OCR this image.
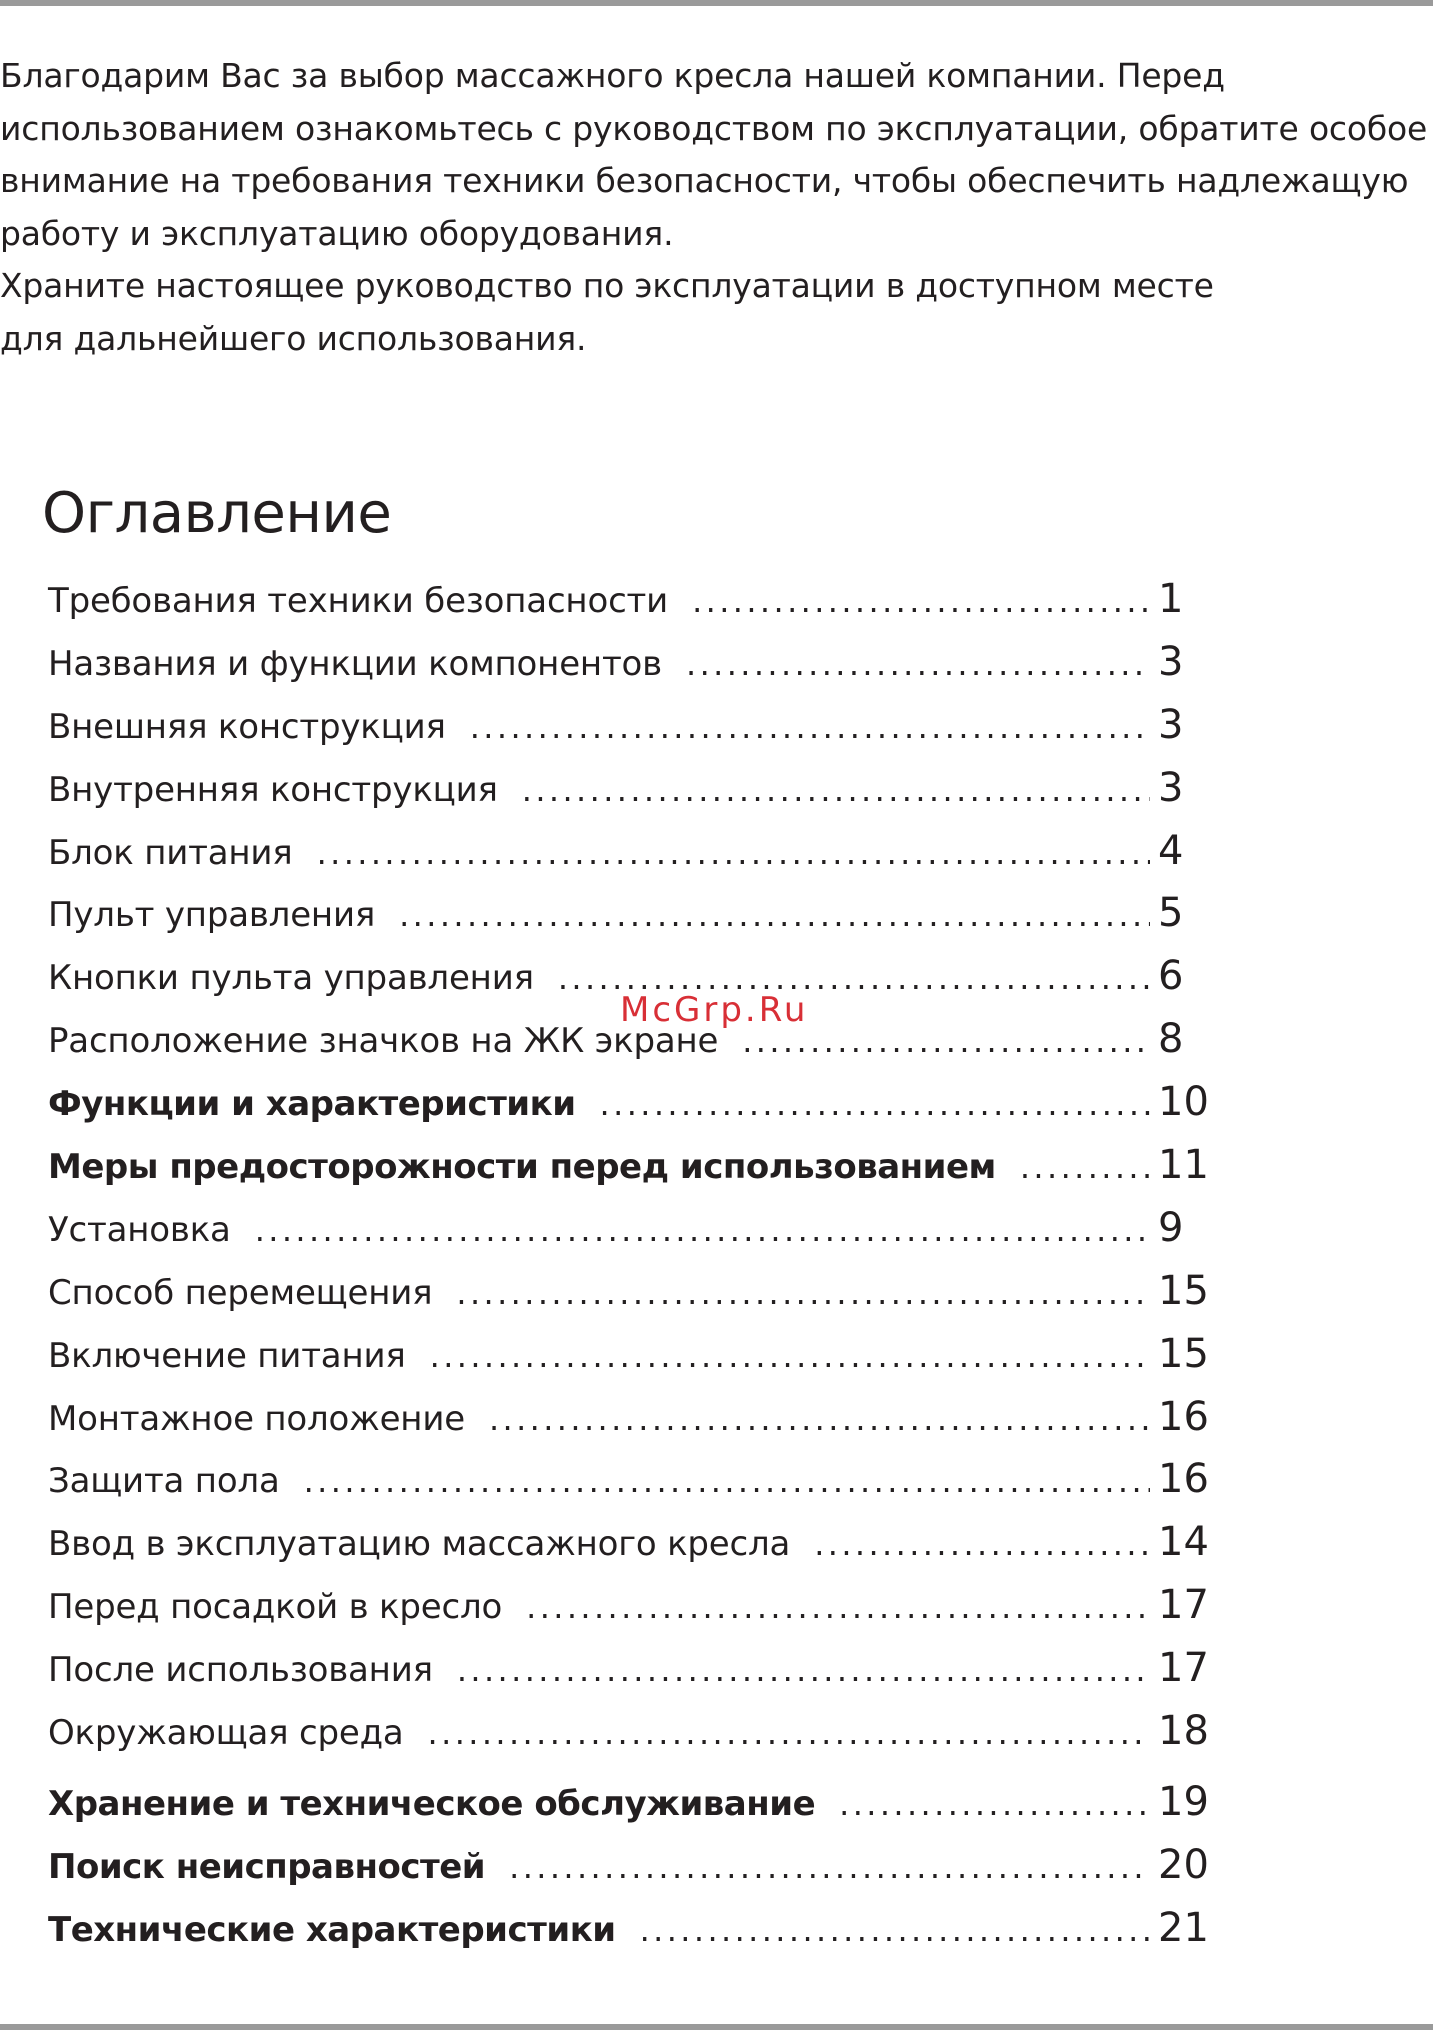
Благодарим Вас за выбор массажного кресла нашей компании. Перед
использованием ознакомьтесь с руководством по эксплуатации, обратите особое
внимание на требования техники безопасности, чтобы обеспечить надлежащую
работу и эксплуатацию оборудования.
Храните настоящее руководство по эксплуатации в доступном месте
для дальнейшего использования.
Оглавление
Требования техники безопасности .....	1
Названия и функции компонентов .....	3
Внешняя конструкция .....	3
Внутренняя конструкция .....	3
Блок питания .....	4
Пульт управления .....	5
Кнопки пульта управления .....	6
Расположение значков на ЖК экране .....	8
Функции и характеристики .....	10
Меры предосторожности перед использованием .....	11
Установка .....	9
Способ перемещения .....	15
Включение питания .....	15
Монтажное положение .....	16
Защита пола .....	16
Ввод в эксплуатацию массажного кресла .....	14
Перед посадкой в кресло .....	17
После использования .....	17
Окружающая среда .....	18
Хранение и техническое обслуживание .....	19
Поиск неисправностей .....	20
Технические характеристики .....	21
McGrp.Ru
